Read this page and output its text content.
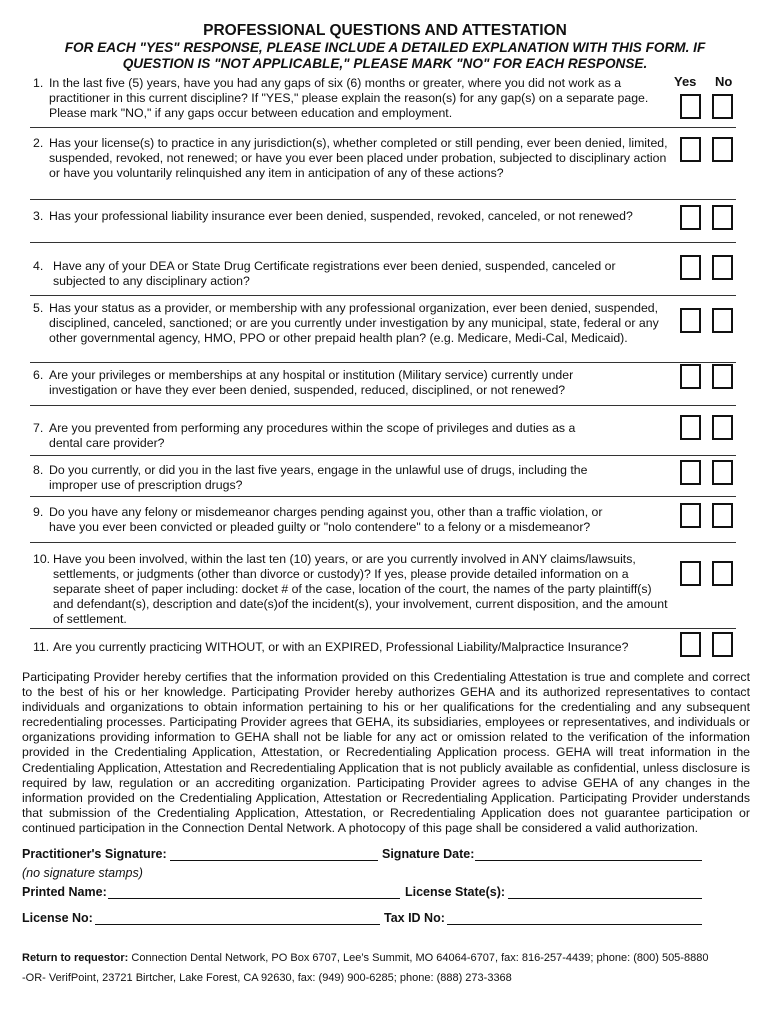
PROFESSIONAL QUESTIONS AND ATTESTATION
FOR EACH "YES" RESPONSE, PLEASE INCLUDE A DETAILED EXPLANATION WITH THIS FORM. IF
QUESTION IS "NOT APPLICABLE," PLEASE MARK "NO" FOR EACH RESPONSE.
Yes No
1. In the last five (5) years, have you had any gaps of six (6) months or greater, where you did not work as a practitioner in this current discipline? If "YES," please explain the reason(s) for any gap(s) on a separate page. Please mark "NO," if any gaps occur between education and employment.
2. Has your license(s) to practice in any jurisdiction(s), whether completed or still pending, ever been denied, limited, suspended, revoked, not renewed; or have you ever been placed under probation, subjected to disciplinary action or have you voluntarily relinquished any item in anticipation of any of these actions?
3. Has your professional liability insurance ever been denied, suspended, revoked, canceled, or not renewed?
4. Have any of your DEA or State Drug Certificate registrations ever been denied, suspended, canceled or subjected to any disciplinary action?
5. Has your status as a provider, or membership with any professional organization, ever been denied, suspended, disciplined, canceled, sanctioned; or are you currently under investigation by any municipal, state, federal or any other governmental agency, HMO, PPO or other prepaid health plan? (e.g. Medicare, Medi-Cal, Medicaid).
6. Are your privileges or memberships at any hospital or institution (Military service) currently under investigation or have they ever been denied, suspended, reduced, disciplined, or not renewed?
7. Are you prevented from performing any procedures within the scope of privileges and duties as a dental care provider?
8. Do you currently, or did you in the last five years, engage in the unlawful use of drugs, including the improper use of prescription drugs?
9. Do you have any felony or misdemeanor charges pending against you, other than a traffic violation, or have you ever been convicted or pleaded guilty or "nolo contendere" to a felony or a misdemeanor?
10. Have you been involved, within the last ten (10) years, or are you currently involved in ANY claims/lawsuits, settlements, or judgments (other than divorce or custody)? If yes, please provide detailed information on a separate sheet of paper including: docket # of the case, location of the court, the names of the party plaintiff(s) and defendant(s), description and date(s)of the incident(s), your involvement, current disposition, and the amount of settlement.
11. Are you currently practicing WITHOUT, or with an EXPIRED, Professional Liability/Malpractice Insurance?
Participating Provider hereby certifies that the information provided on this Credentialing Attestation is true and complete and correct to the best of his or her knowledge. Participating Provider hereby authorizes GEHA and its authorized representatives to contact individuals and organizations to obtain information pertaining to his or her qualifications for the credentialing and any subsequent recredentialing processes. Participating Provider agrees that GEHA, its subsidiaries, employees or representatives, and individuals or organizations providing information to GEHA shall not be liable for any act or omission related to the verification of the information provided in the Credentialing Application, Attestation, or Recredentialing Application process. GEHA will treat information in the Credentialing Application, Attestation and Recredentialing Application that is not publicly available as confidential, unless disclosure is required by law, regulation or an accrediting organization. Participating Provider agrees to advise GEHA of any changes in the information provided on the Credentialing Application, Attestation or Recredentialing Application. Participating Provider understands that submission of the Credentialing Application, Attestation, or Recredentialing Application does not guarantee participation or continued participation in the Connection Dental Network. A photocopy of this page shall be considered a valid authorization.
Practitioner's Signature:	Signature Date:
(no signature stamps)
Printed Name:	License State(s):
License No:	Tax ID No:
Return to requestor: Connection Dental Network, PO Box 6707, Lee’s Summit, MO 64064-6707, fax: 816-257-4439; phone: (800) 505-8880
-OR- VerifPoint, 23721 Birtcher, Lake Forest, CA 92630, fax: (949) 900-6285; phone: (888) 273-3368
